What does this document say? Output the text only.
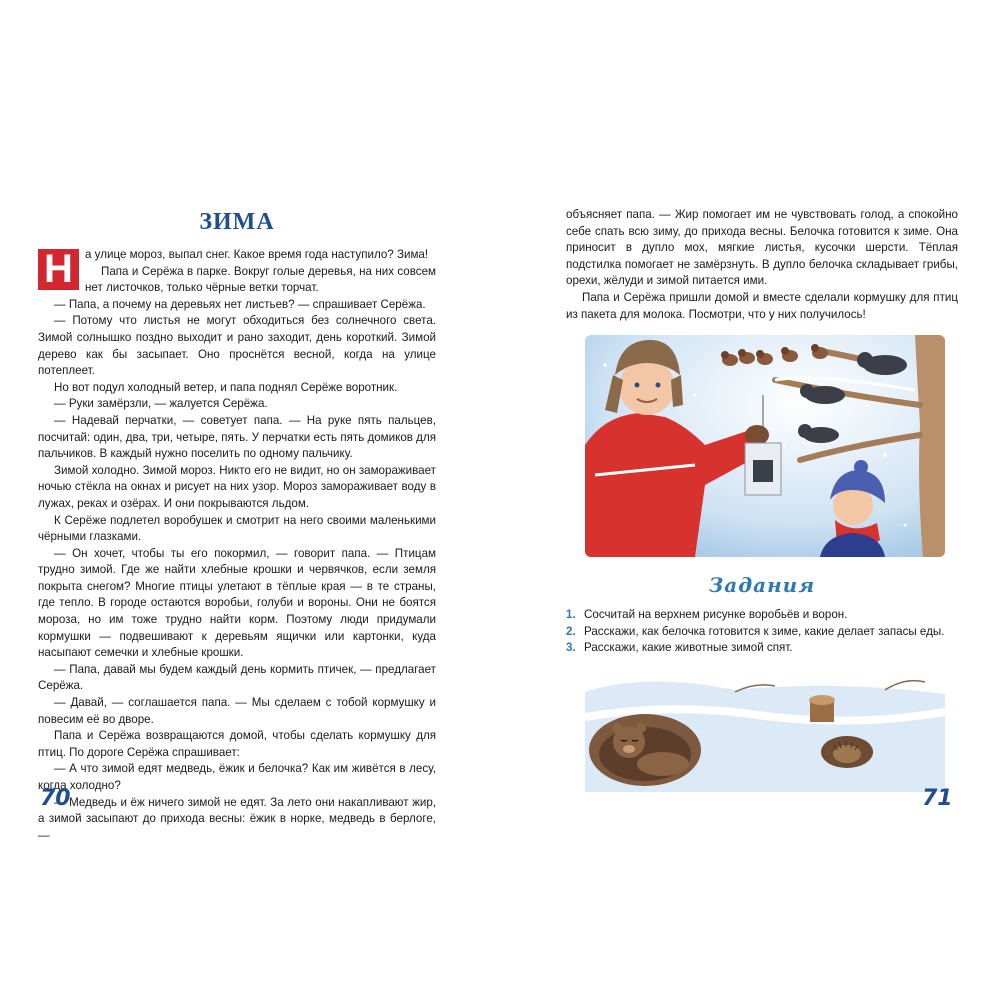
ЗИМА

Н	а улице мороз, выпал снег. Какое время года наступило? Зима!

Папа и Серёжа в парке. Вокруг голые деревья, на них совсем нет листочков, только чёрные ветки торчат.

— Папа, а почему на деревьях нет листьев? — спрашивает Серёжа.

— Потому что листья не могут обходиться без солнечного света. Зимой солнышко поздно выходит и рано заходит, день короткий. Зимой дерево как бы засыпает. Оно проснётся весной, когда на улице потеплеет.

Но вот подул холодный ветер, и папа поднял Серёже воротник.

— Руки замёрзли, — жалуется Серёжа.

— Надевай перчатки, — советует папа. — На руке пять пальцев, посчитай: один, два, три, четыре, пять. У перчатки есть пять домиков для пальчиков. В каждый нужно поселить по одному пальчику.

Зимой холодно. Зимой мороз. Никто его не видит, но он замораживает ночью стёкла на окнах и рисует на них узор. Мороз замораживает воду в лужах, реках и озёрах. И они покрываются льдом.

К Серёже подлетел воробушек и смотрит на него своими маленькими чёрными глазками.

— Он хочет, чтобы ты его покормил, — говорит папа. — Птицам трудно зимой. Где же найти хлебные крошки и червячков, если земля покрыта снегом? Многие птицы улетают в тёплые края — в те страны, где тепло. В городе остаются воробьи, голуби и вороны. Они не боятся мороза, но им тоже трудно найти корм. Поэтому люди придумали кормушки — подвешивают к деревьям ящички или картонки, куда насыпают семечки и хлебные крошки.

— Папа, давай мы будем каждый день кормить птичек, — предлагает Серёжа.

— Давай, — соглашается папа. — Мы сделаем с тобой кормушку и повесим её во дворе.

Папа и Серёжа возвращаются домой, чтобы сделать кормушку для птиц. По дороге Серёжа спрашивает:

— А что зимой едят медведь, ёжик и белочка? Как им живётся в лесу, когда холодно?

— Медведь и ёж ничего зимой не едят. За лето они накапливают жир, а зимой засыпают до прихода весны: ёжик в норке, медведь в берлоге, —

70

объясняет папа. — Жир помогает им не чувствовать голод, а спокойно себе спать всю зиму, до прихода весны. Белочка готовится к зиме. Она приносит в дупло мох, мягкие листья, кусочки шерсти. Тёплая подстилка помогает не замёрзнуть. В дупло белочка складывает грибы, орехи, жёлуди и зимой питается ими.

Папа и Серёжа пришли домой и вместе сделали кормушку для птиц из пакета для молока. Посмотри, что у них получилось!

Задания
1. Сосчитай на верхнем рисунке воробьёв и ворон.
2. Расскажи, как белочка готовится к зиме, какие делает запасы еды.
3. Расскажи, какие животные зимой спят.
71
